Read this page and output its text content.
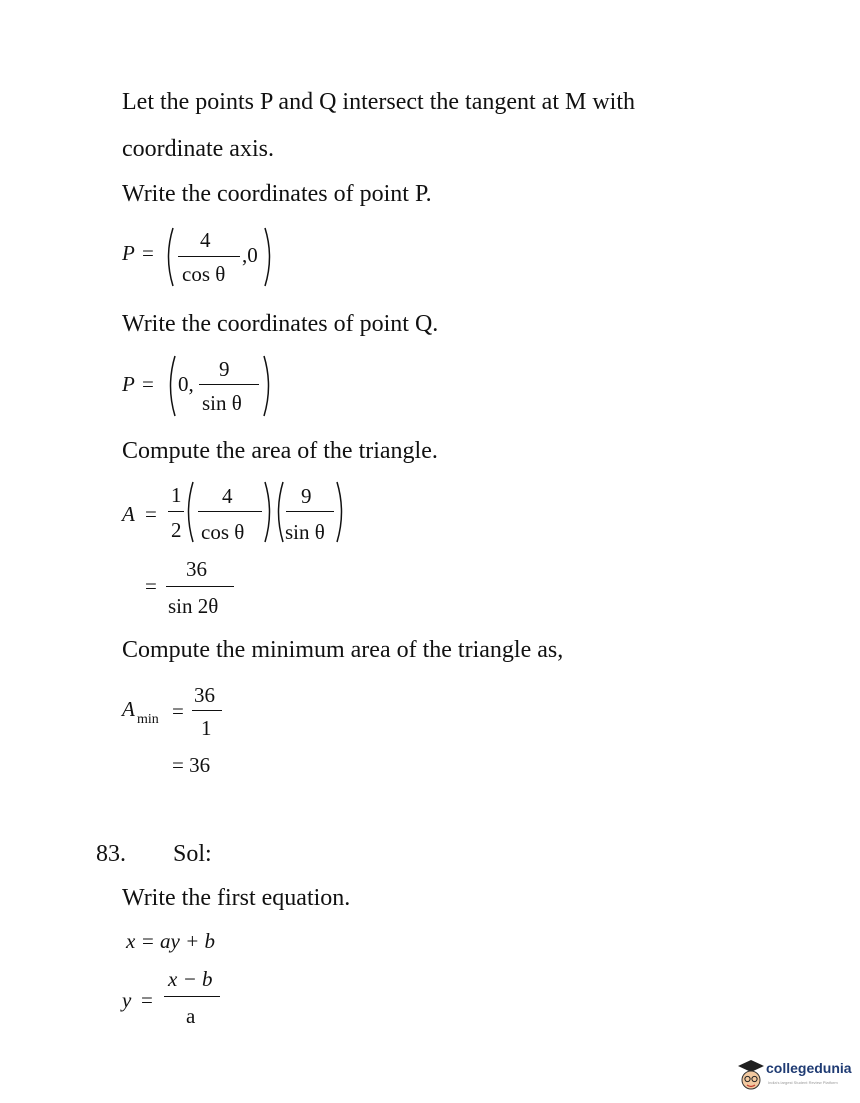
Let the points P and Q intersect the tangent at M with
coordinate axis.
Write the coordinates of point P.
P =
4
cos θ
,0
Write the coordinates of point Q.
P = 0,
9
sin θ
Compute the area of the triangle.
A =
1
2
4
cos θ
9
sin θ
=
36
sin 2θ
Compute the minimum area of the triangle as,
A min =
36
1
= 36
83. Sol:
Write the first equation.
x = ay + b
y =
x − b
a
collegedunia
India's largest Student Review Platform
